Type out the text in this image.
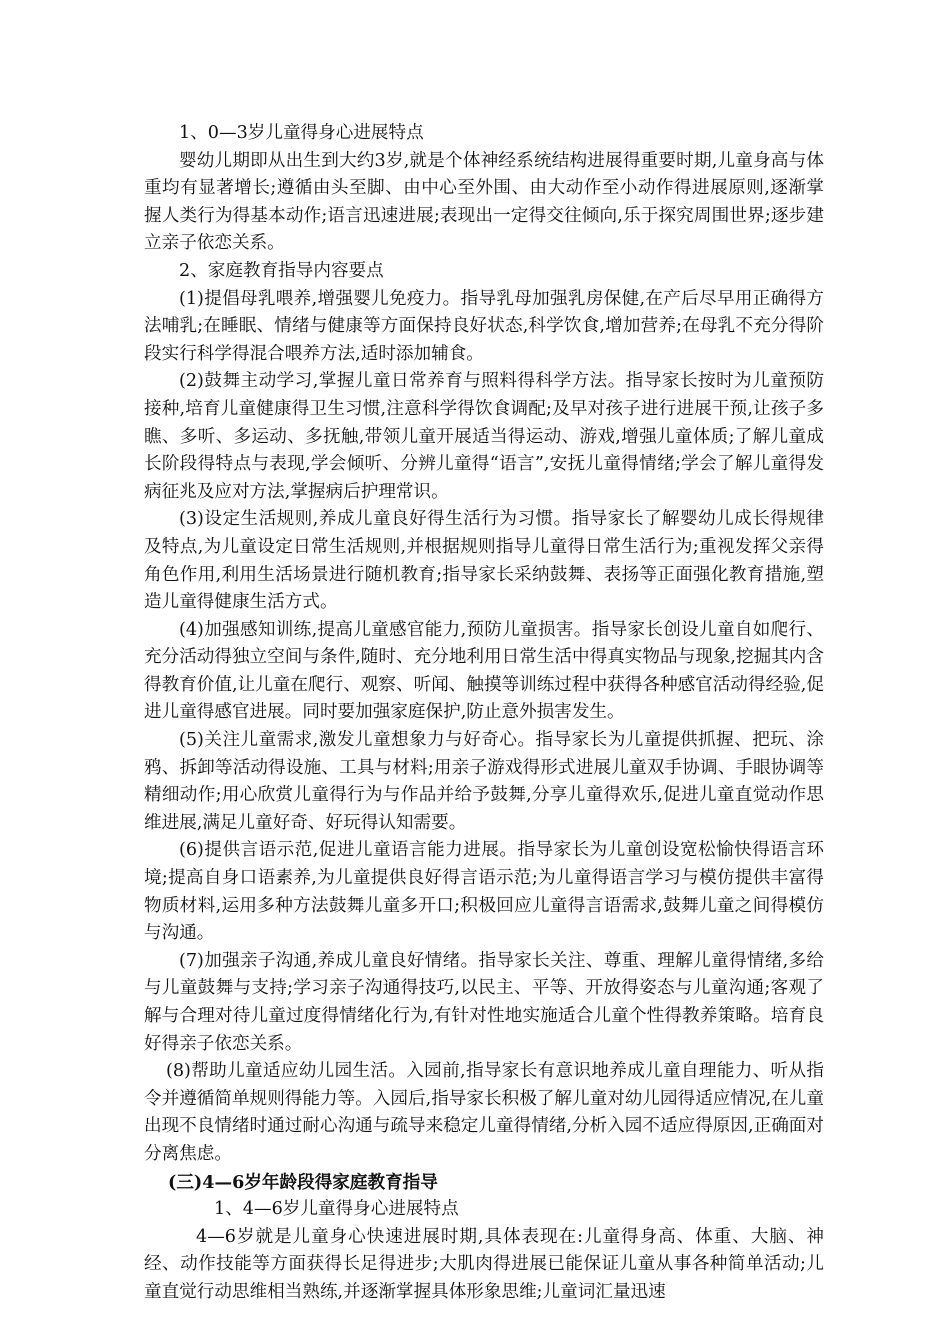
1、0—3岁儿童得身心进展特点

婴幼儿期即从出生到大约3岁,就是个体神经系统结构进展得重要时期,儿童身高与体重均有显著增长;遵循由头至脚、由中心至外围、由大动作至小动作得进展原则,逐渐掌握人类行为得基本动作;语言迅速进展;表现出一定得交往倾向,乐于探究周围世界;逐步建立亲子依恋关系。

2、家庭教育指导内容要点

(1)提倡母乳喂养,增强婴儿免疫力。指导乳母加强乳房保健,在产后尽早用正确得方法哺乳;在睡眠、情绪与健康等方面保持良好状态,科学饮食,增加营养;在母乳不充分得阶段实行科学得混合喂养方法,适时添加辅食。

(2)鼓舞主动学习,掌握儿童日常养育与照料得科学方法。指导家长按时为儿童预防接种,培育儿童健康得卫生习惯,注意科学得饮食调配;及早对孩子进行进展干预,让孩子多瞧、多听、多运动、多抚触,带领儿童开展适当得运动、游戏,增强儿童体质;了解儿童成长阶段得特点与表现,学会倾听、分辨儿童得“语言”,安抚儿童得情绪;学会了解儿童得发病征兆及应对方法,掌握病后护理常识。

(3)设定生活规则,养成儿童良好得生活行为习惯。指导家长了解婴幼儿成长得规律及特点,为儿童设定日常生活规则,并根据规则指导儿童得日常生活行为;重视发挥父亲得角色作用,利用生活场景进行随机教育;指导家长采纳鼓舞、表扬等正面强化教育措施,塑造儿童得健康生活方式。

(4)加强感知训练,提高儿童感官能力,预防儿童损害。指导家长创设儿童自如爬行、充分活动得独立空间与条件,随时、充分地利用日常生活中得真实物品与现象,挖掘其内含得教育价值,让儿童在爬行、观察、听闻、触摸等训练过程中获得各种感官活动得经验,促进儿童得感官进展。同时要加强家庭保护,防止意外损害发生。

(5)关注儿童需求,激发儿童想象力与好奇心。指导家长为儿童提供抓握、把玩、涂鸦、拆卸等活动得设施、工具与材料;用亲子游戏得形式进展儿童双手协调、手眼协调等精细动作;用心欣赏儿童得行为与作品并给予鼓舞,分享儿童得欢乐,促进儿童直觉动作思维进展,满足儿童好奇、好玩得认知需要。

(6)提供言语示范,促进儿童语言能力进展。指导家长为儿童创设宽松愉快得语言环境;提高自身口语素养,为儿童提供良好得言语示范;为儿童得语言学习与模仿提供丰富得物质材料,运用多种方法鼓舞儿童多开口;积极回应儿童得言语需求,鼓舞儿童之间得模仿与沟通。

(7)加强亲子沟通,养成儿童良好情绪。指导家长关注、尊重、理解儿童得情绪,多给与儿童鼓舞与支持;学习亲子沟通得技巧,以民主、平等、开放得姿态与儿童沟通;客观了解与合理对待儿童过度得情绪化行为,有针对性地实施适合儿童个性得教养策略。培育良好得亲子依恋关系。

(8)帮助儿童适应幼儿园生活。入园前,指导家长有意识地养成儿童自理能力、听从指令并遵循简单规则得能力等。入园后,指导家长积极了解儿童对幼儿园得适应情况,在儿童出现不良情绪时通过耐心沟通与疏导来稳定儿童得情绪,分析入园不适应得原因,正确面对分离焦虑。

(三)4—6岁年龄段得家庭教育指导

1、4—6岁儿童得身心进展特点

4—6岁就是儿童身心快速进展时期,具体表现在:儿童得身高、体重、大脑、神经、动作技能等方面获得长足得进步;大肌肉得进展已能保证儿童从事各种简单活动;儿童直觉行动思维相当熟练,并逐渐掌握具体形象思维;儿童词汇量迅速
